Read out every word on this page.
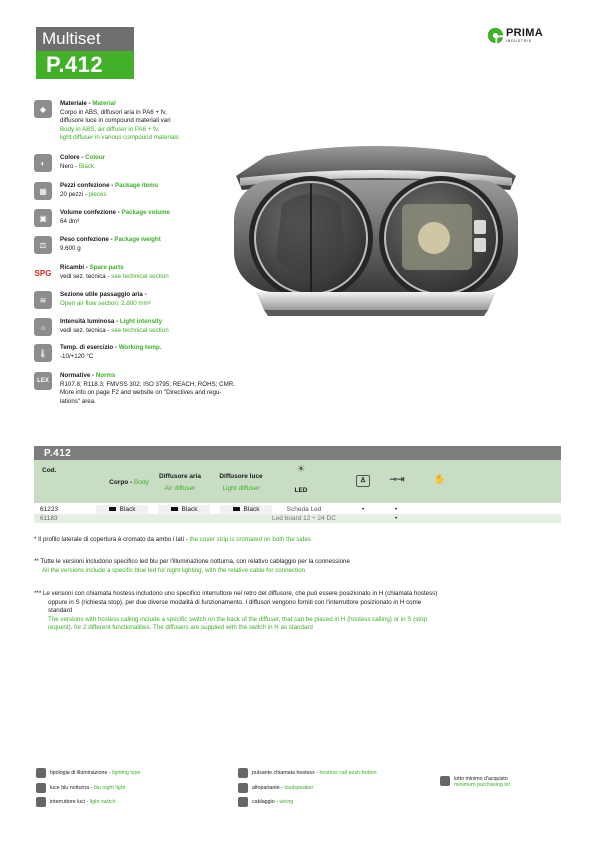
Multiset
P.412
PRIMA
INDUSTRIE
◆
Materiale - Material
Corpo in ABS, diffusori aria in PA6 + fv,
diffusore luce in compound materiali vari
Body in ABS, air diffuser in PA6 + fv,
light diffuser in various compound materials
◐
Colore - Colour
Nero - Black
▦
Pezzi confezione - Package items
20 pezzi - pieces
▣
Volume confezione - Package volume
64 dm³
⚖
Peso confezione - Package weight
9.600 g
SPG
Ricambi - Spare parts
vedi sez. tecnica - see technical section
≋
Sezione utile passaggio aria -
Open air flow section: 2.800 mm²
☼
Intensità luminosa - Light intensity
vedi sez. tecnica - see technical section
🌡
Temp. di esercizio - Working temp.
-10/+120 °C
LEX
Normative - Norms
R107.8; R118.3; FMVSS 302; ISO 3795; REACH; ROHS; CMR.
More info on page F2 and website on "Directives and regu-
lations" area.
P.412
Cod.
Corpo - Body
Diffusore aria
Air diffuser
Diffusore luce
Light diffuser
☀
LED
♙	⊸⇥	✋
61223	Black	Black	Black	Scheda Led	•	•
61183	Led board 12 ÷ 24 DC	•
* Il profilo laterale di copertura è cromato da ambo i lati - the cover strip is cromated on both the sides
** Tutte le versioni includono specifico led blu per l'illuminazione notturna, con relativo cablaggio per la connessione
All the versions include a specific blue led for night lighting, with the relative cable for connection
*** Le versioni con chiamata hostess includono uno specifico interruttore nel retro del diffusore, che può essere posizionato in H (chiamata hostess)
oppure in S (richiesta stop), per due diverse modalità di funzionamento. I diffusori vengono forniti con l'interruttore posizionato in H come
standard
The versions with hostess calling include a specific switch on the back of the diffuser, that can be placed in H (hostess calling) or in S (stop
request), for 2 different functionalities. The diffusers are supplied with the switch in H as standard
tipologia di illuminazione -
lighting type
luce blu notturna -
blu night light
interruttore luci -
light switch
pulsante chiamata hostess -
hostess call push-button
altoparlante -
loudspeaker
cablaggio -
wiring
lotto minimo d'acquisto
minimum purchasing lot
